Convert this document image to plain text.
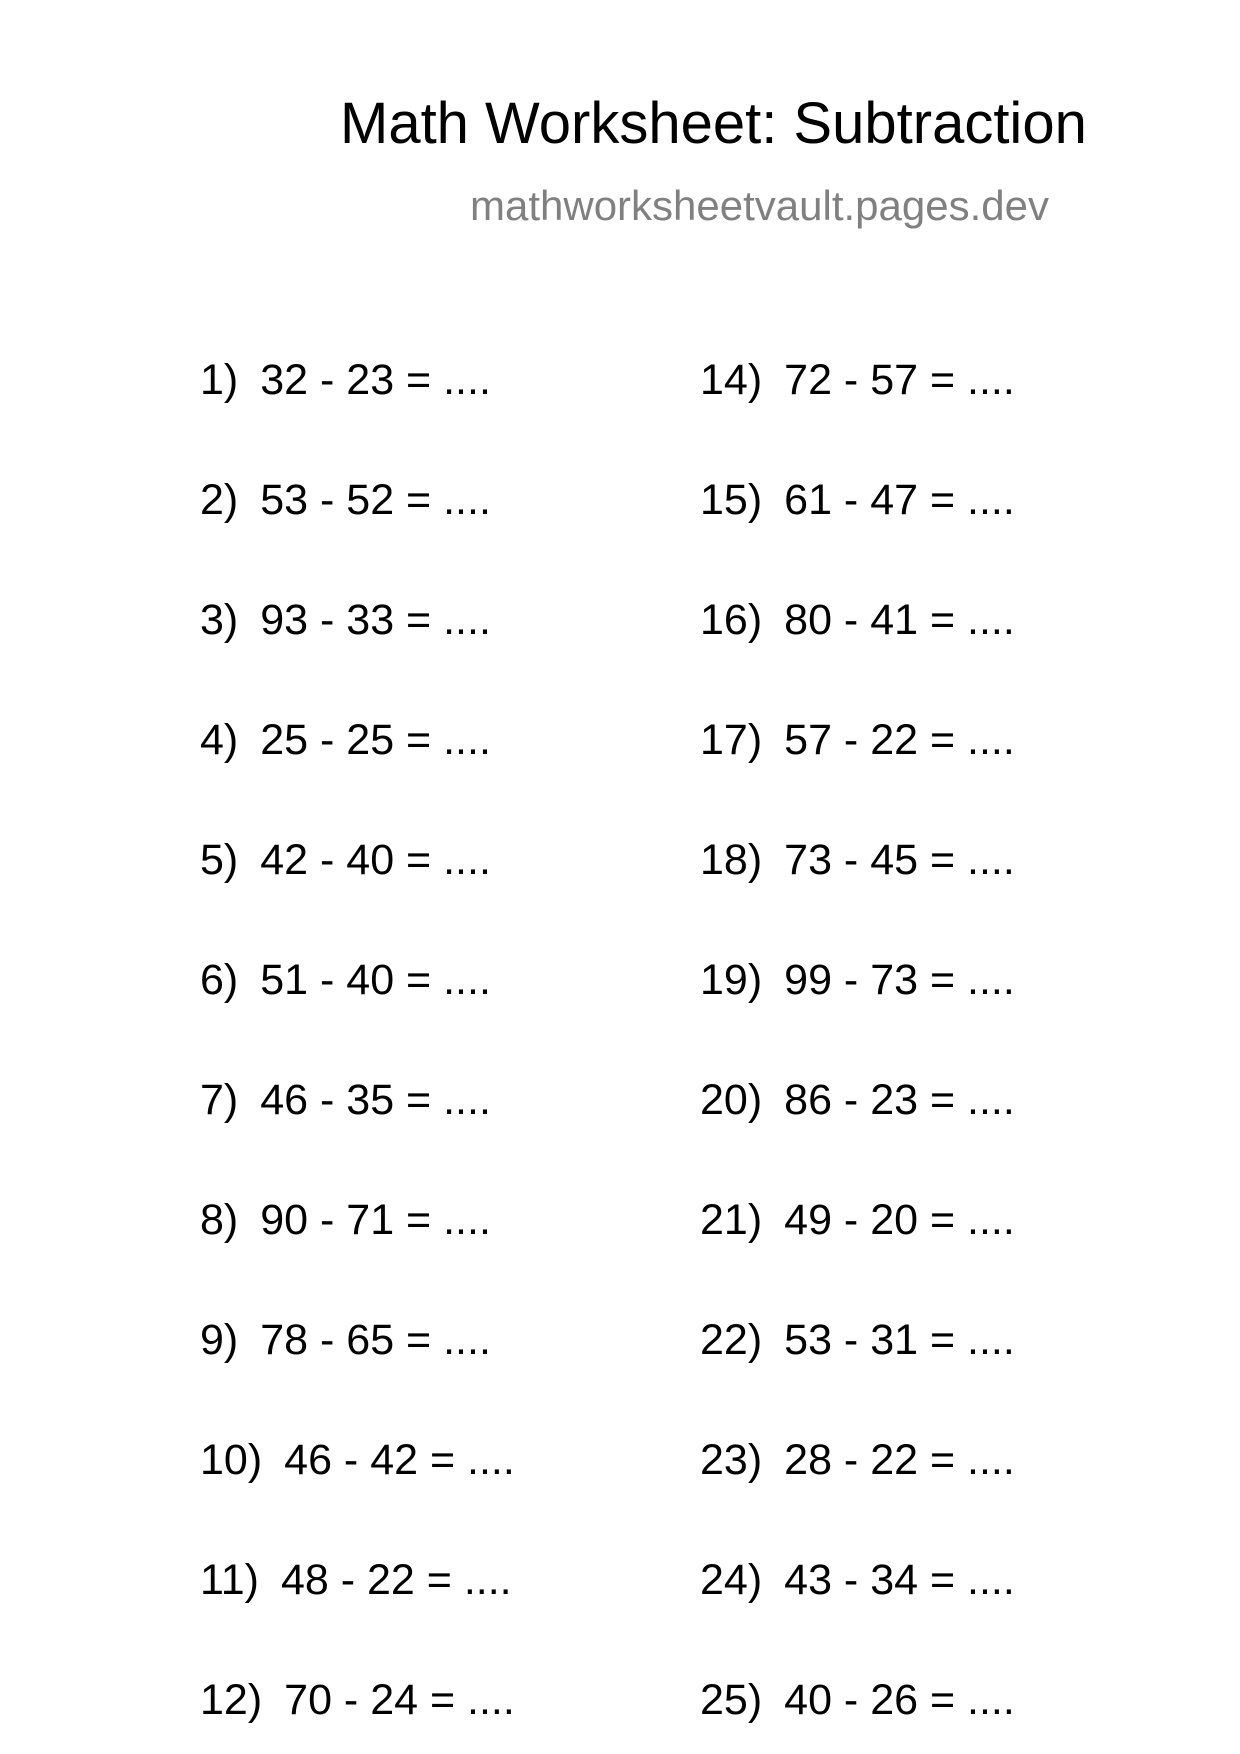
Math Worksheet: Subtraction
mathworksheetvault.pages.dev
1) 32 - 23 = ....
2) 53 - 52 = ....
3) 93 - 33 = ....
4) 25 - 25 = ....
5) 42 - 40 = ....
6) 51 - 40 = ....
7) 46 - 35 = ....
8) 90 - 71 = ....
9) 78 - 65 = ....
10) 46 - 42 = ....
11) 48 - 22 = ....
12) 70 - 24 = ....
14) 72 - 57 = ....
15) 61 - 47 = ....
16) 80 - 41 = ....
17) 57 - 22 = ....
18) 73 - 45 = ....
19) 99 - 73 = ....
20) 86 - 23 = ....
21) 49 - 20 = ....
22) 53 - 31 = ....
23) 28 - 22 = ....
24) 43 - 34 = ....
25) 40 - 26 = ....
